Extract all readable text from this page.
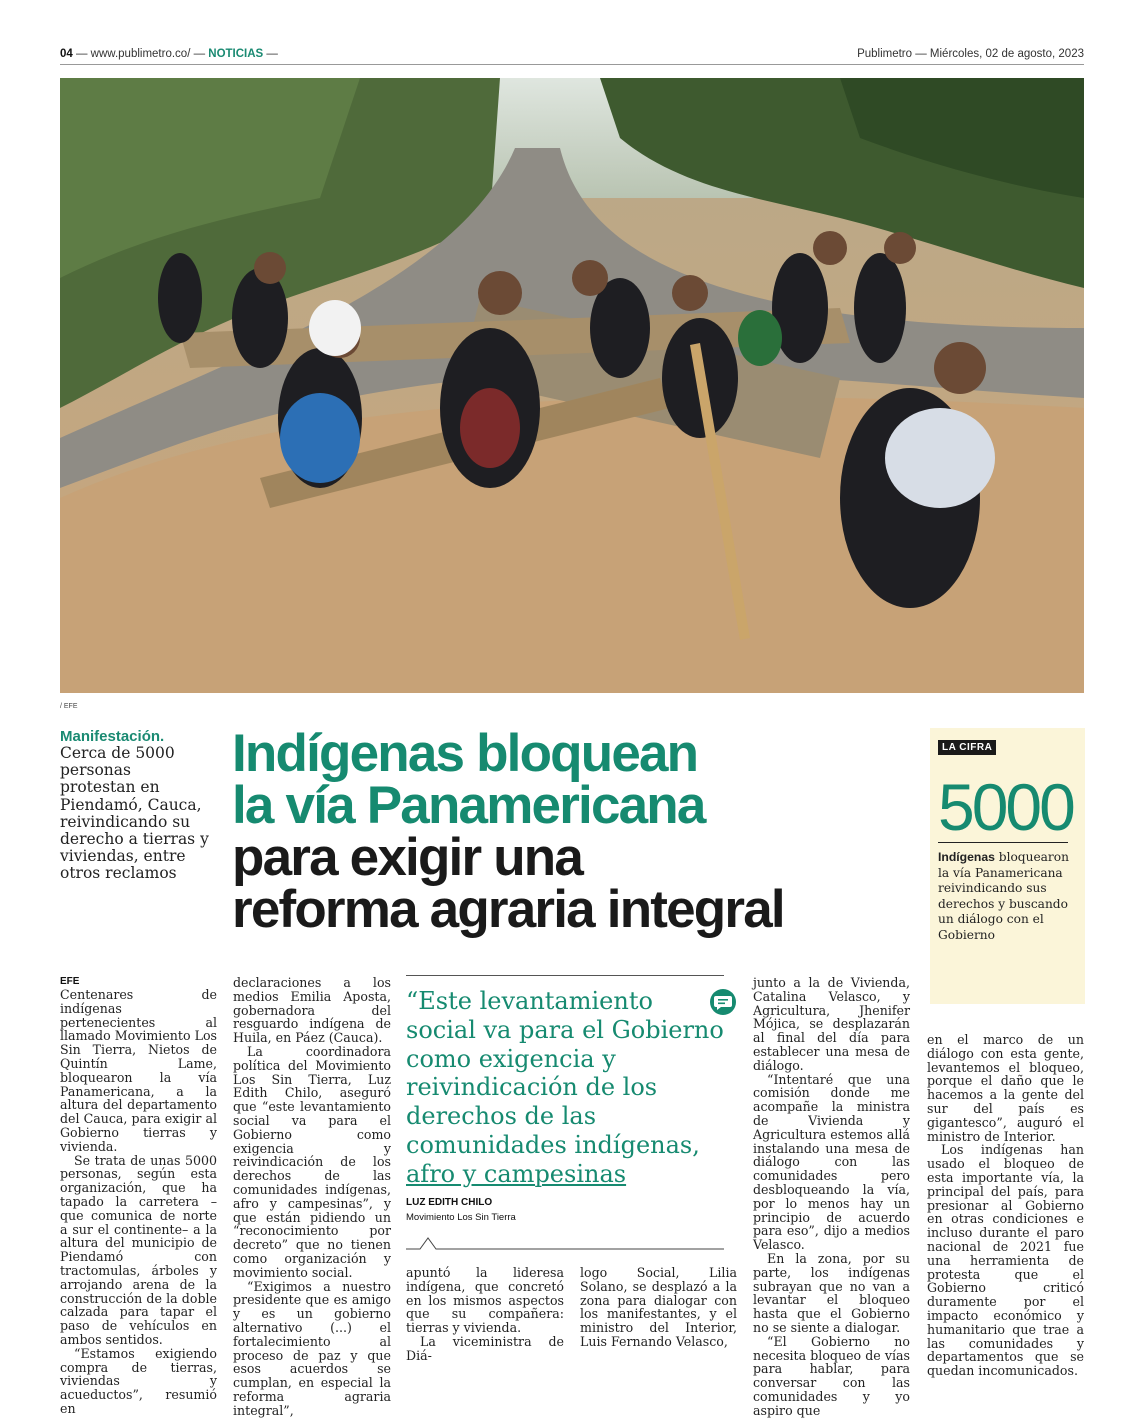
04 — www.publimetro.co/ — NOTICIAS —	Publimetro — Miércoles, 02 de agosto, 2023
/ EFE
Manifestación.
Cerca de 5000 personas protestan en Piendamó, Cauca, reivindicando su derecho a tierras y viviendas, entre otros reclamos
Indígenas bloquean
la vía Panamericana
para exigir una
reforma agraria integral
LA CIFRA
5000
Indígenas bloquearon la vía Panamericana reivindicando sus derechos y buscando un diálogo con el Gobierno
EFE

Centenares de indígenas pertenecientes al llamado Movimiento Los Sin Tierra, Nietos de Quintín Lame, bloquearon la vía Panamericana, a la altura del departamento del Cauca, para exigir al Gobierno tierras y vivienda.

Se trata de unas 5000 personas, según esta organización, que ha tapado la carretera –que comunica de norte a sur el continente– a la altura del municipio de Piendamó con tractomulas, árboles y arrojando arena de la construcción de la doble calzada para tapar el paso de vehículos en ambos sentidos.

“Estamos exigiendo compra de tierras, viviendas y acueductos”, resumió en

declaraciones a los medios Emilia Aposta, gobernadora del resguardo indígena de Huila, en Páez (Cauca).

La coordinadora política del Movimiento Los Sin Tierra, Luz Edith Chilo, aseguró que “este levantamiento social va para el Gobierno como exigencia y reivindicación de los derechos de las comunidades indígenas, afro y campesinas”, y que están pidiendo un “reconocimiento por decreto” que no tienen como organización y movimiento social.

“Exigimos a nuestro presidente que es amigo y es un gobierno alternativo (...) el fortalecimiento al proceso de paz y que esos acuerdos se cumplan, en especial la reforma agraria integral”,

“Este levantamiento social va para el Gobierno como exigencia y reivindicación de los derechos de las comunidades indígenas, afro y campesinas
LUZ EDITH CHILO
Movimiento Los Sin Tierra

apuntó la lideresa indígena, que concretó en los mismos aspectos que su compañera: tierras y vivienda.

La viceministra de Diá-

logo Social, Lilia Solano, se desplazó a la zona para dialogar con los manifestantes, y el ministro del Interior, Luis Fernando Velasco,

junto a la de Vivienda, Catalina Velasco, y Agricultura, Jhenifer Mójica, se desplazarán al final del día para establecer una mesa de diálogo.

“Intentaré que una comisión donde me acompañe la ministra de Vivienda y Agricultura estemos allá instalando una mesa de diálogo con las comunidades pero desbloqueando la vía, por lo menos hay un principio de acuerdo para eso”, dijo a medios Velasco.

En la zona, por su parte, los indígenas subrayan que no van a levantar el bloqueo hasta que el Gobierno no se siente a dialogar.

“El Gobierno no necesita bloqueo de vías para hablar, para conversar con las comunidades y yo aspiro que

en el marco de un diálogo con esta gente, levantemos el bloqueo, porque el daño que le hacemos a la gente del sur del país es gigantesco”, auguró el ministro de Interior.

Los indígenas han usado el bloqueo de esta importante vía, la principal del país, para presionar al Gobierno en otras condiciones e incluso durante el paro nacional de 2021 fue una herramienta de protesta que el Gobierno criticó duramente por el impacto económico y humanitario que trae a las comunidades y departamentos que se quedan incomunicados.
